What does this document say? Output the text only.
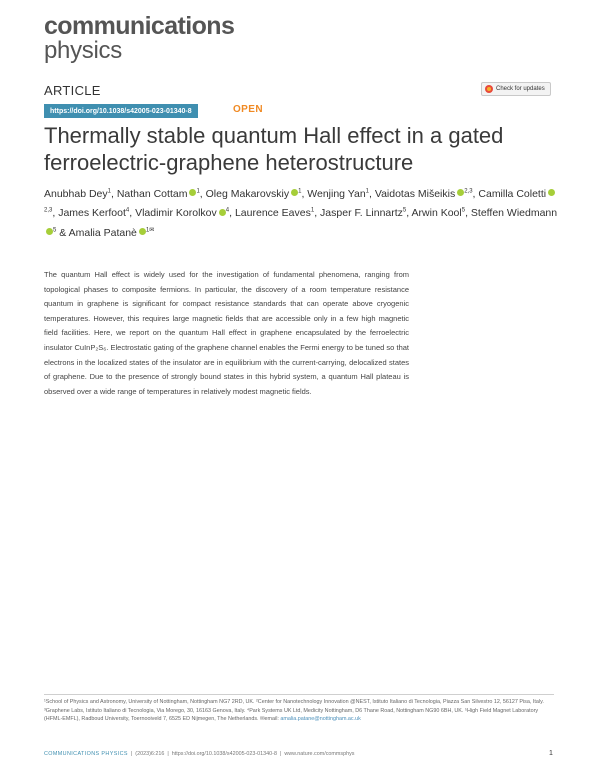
communications
physics
ARTICLE	Check for updates
https://doi.org/10.1038/s42005-023-01340-8	OPEN
Thermally stable quantum Hall effect in a gated ferroelectric-graphene heterostructure
Anubhab Dey$^1$, Nathan Cottam $^1$, Oleg Makarovskiy $^1$, Wenjing Yan$^1$, Vaidotas Mišeikis $^{2,3}$, Camilla Coletti$^{2,3}$, James Kerfoot$^4$, Vladimir Korolkov $^4$, Laurence Eaves$^1$, Jasper F. Linnartz$^5$, Arwin Kool$^5$, Steffen Wiedmann$^5$ & Amalia Patanè $^{1✉}$

The quantum Hall effect is widely used for the investigation of fundamental phenomena, ranging from topological phases to composite fermions. In particular, the discovery of a room temperature resistance quantum in graphene is significant for compact resistance standards that can operate above cryogenic temperatures. However, this requires large magnetic fields that are accessible only in a few high magnetic field facilities. Here, we report on the quantum Hall effect in graphene encapsulated by the ferroelectric insulator CuInP₂S₆. Electrostatic gating of the graphene channel enables the Fermi energy to be tuned so that electrons in the localized states of the insulator are in equilibrium with the current-carrying, delocalized states of graphene. Due to the presence of strongly bound states in this hybrid system, a quantum Hall plateau is observed over a wide range of temperatures in relatively modest magnetic fields.

¹School of Physics and Astronomy, University of Nottingham, Nottingham NG7 2RD, UK. ²Center for Nanotechnology Innovation @NEST, Istituto Italiano di Tecnologia, Piazza San Silvestro 12, 56127 Pisa, Italy. ³Graphene Labs, Istituto Italiano di Tecnologia, Via Morego, 30, 16163 Genova, Italy. ⁴Park Systems UK Ltd, Medicity Nottingham, D6 Thane Road, Nottingham NG90 6BH, UK. ⁵High Field Magnet Laboratory (HFML-EMFL), Radboud University, Toernooiveld 7, 6525 ED Nijmegen, The Netherlands. ✉email: amalia.patane@nottingham.ac.uk

COMMUNICATIONS PHYSICS | (2023)6:216 | https://doi.org/10.1038/s42005-023-01340-8 | www.nature.com/commsphys	1
